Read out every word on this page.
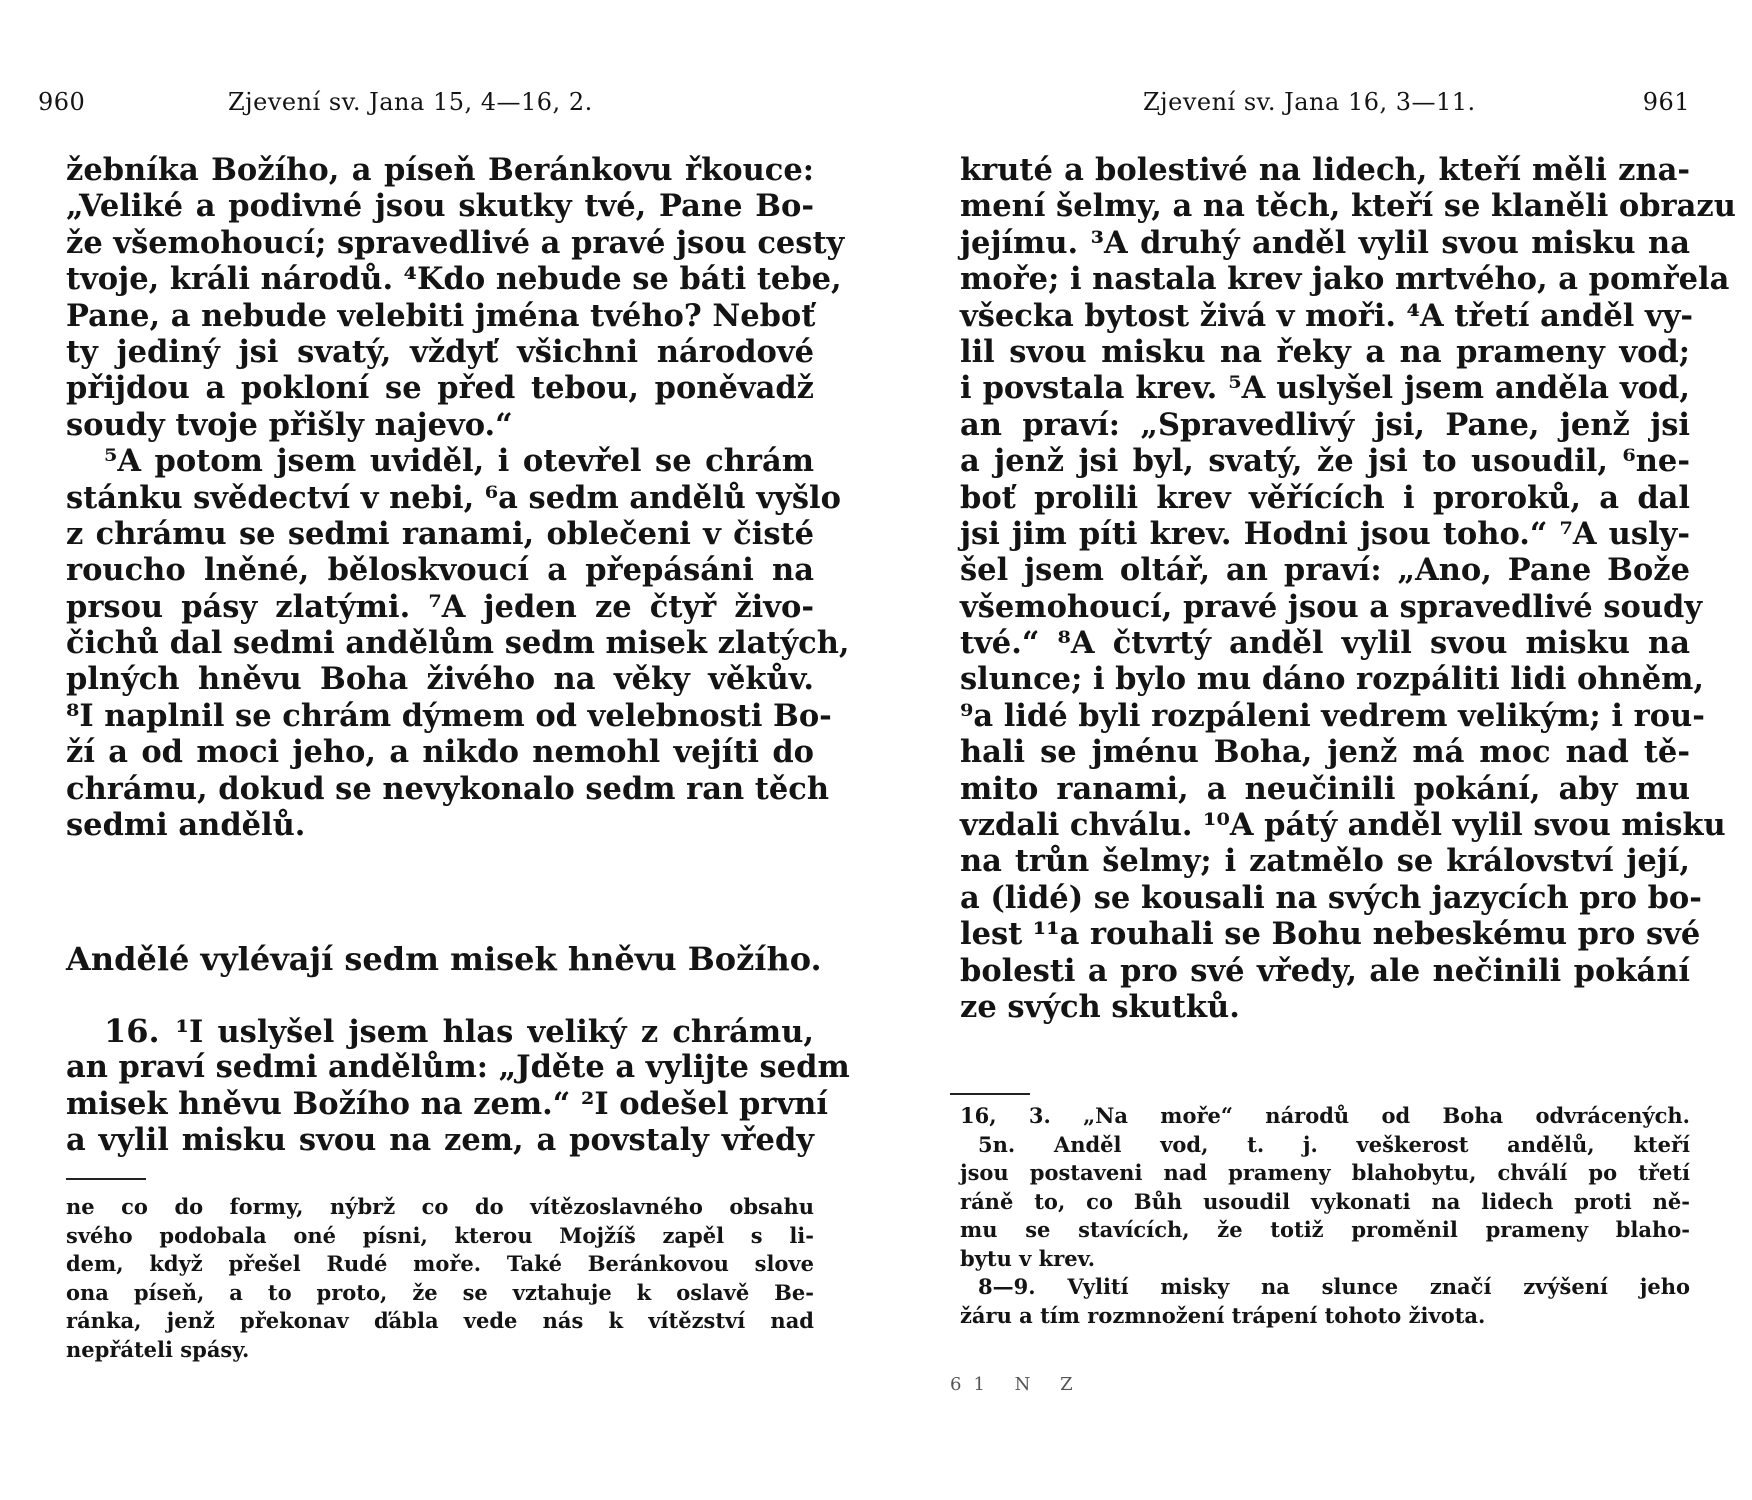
960	Zjevení sv. Jana 15, 4—16, 2.
žebníka Božího, a píseň Beránkovu řkouce:
„Veliké a podivné jsou skutky tvé, Pane Bo-
že všemohoucí; spravedlivé a pravé jsou cesty
tvoje, králi národů. ⁴Kdo nebude se báti tebe,
Pane, a nebude velebiti jména tvého? Neboť
ty jediný jsi svatý, vždyť všichni národové
přijdou a pokloní se před tebou, poněvadž
soudy tvoje přišly najevo.“
⁵A potom jsem uviděl, i otevřel se chrám
stánku svědectví v nebi, ⁶a sedm andělů vyšlo
z chrámu se sedmi ranami, oblečeni v čisté
roucho lněné, běloskvoucí a přepásáni na
prsou pásy zlatými. ⁷A jeden ze čtyř živo-
čichů dal sedmi andělům sedm misek zlatých,
plných hněvu Boha živého na věky věkův.
⁸I naplnil se chrám dýmem od velebnosti Bo-
ží a od moci jeho, a nikdo nemohl vejíti do
chrámu, dokud se nevykonalo sedm ran těch
sedmi andělů.
Andělé vylévají sedm misek hněvu Božího.
16. ¹I uslyšel jsem hlas veliký z chrámu,
an praví sedmi andělům: „Jděte a vylijte sedm
misek hněvu Božího na zem.“ ²I odešel první
a vylil misku svou na zem, a povstaly vředy
ne co do formy, nýbrž co do vítězoslavného obsahu
svého podobala oné písni, kterou Mojžíš zapěl s li-
dem, když přešel Rudé moře. Také Beránkovou slove
ona píseň, a to proto, že se vztahuje k oslavě Be-
ránka, jenž překonav ďábla vede nás k vítězství nad
nepřáteli spásy.
Zjevení sv. Jana 16, 3—11.	961
kruté a bolestivé na lidech, kteří měli zna-
mení šelmy, a na těch, kteří se klaněli obrazu
jejímu. ³A druhý anděl vylil svou misku na
moře; i nastala krev jako mrtvého, a pomřela
všecka bytost živá v moři. ⁴A třetí anděl vy-
lil svou misku na řeky a na prameny vod;
i povstala krev. ⁵A uslyšel jsem anděla vod,
an praví: „Spravedlivý jsi, Pane, jenž jsi
a jenž jsi byl, svatý, že jsi to usoudil, ⁶ne-
boť prolili krev věřících i proroků, a dal
jsi jim píti krev. Hodni jsou toho.“ ⁷A usly-
šel jsem oltář, an praví: „Ano, Pane Bože
všemohoucí, pravé jsou a spravedlivé soudy
tvé.“ ⁸A čtvrtý anděl vylil svou misku na
slunce; i bylo mu dáno rozpáliti lidi ohněm,
⁹a lidé byli rozpáleni vedrem velikým; i rou-
hali se jménu Boha, jenž má moc nad tě-
mito ranami, a neučinili pokání, aby mu
vzdali chválu. ¹⁰A pátý anděl vylil svou misku
na trůn šelmy; i zatmělo se království její,
a (lidé) se kousali na svých jazycích pro bo-
lest ¹¹a rouhali se Bohu nebeskému pro své
bolesti a pro své vředy, ale nečinili pokání
ze svých skutků.
16, 3. „Na moře“ národů od Boha odvrácených.
5n. Anděl vod, t. j. veškerost andělů, kteří
jsou postaveni nad prameny blahobytu, chválí po třetí
ráně to, co Bůh usoudil vykonati na lidech proti ně-
mu se stavících, že totiž proměnil prameny blaho-
bytu v krev.
8—9. Vylití misky na slunce značí zvýšení jeho
žáru a tím rozmnožení trápení tohoto života.
61 N Z
